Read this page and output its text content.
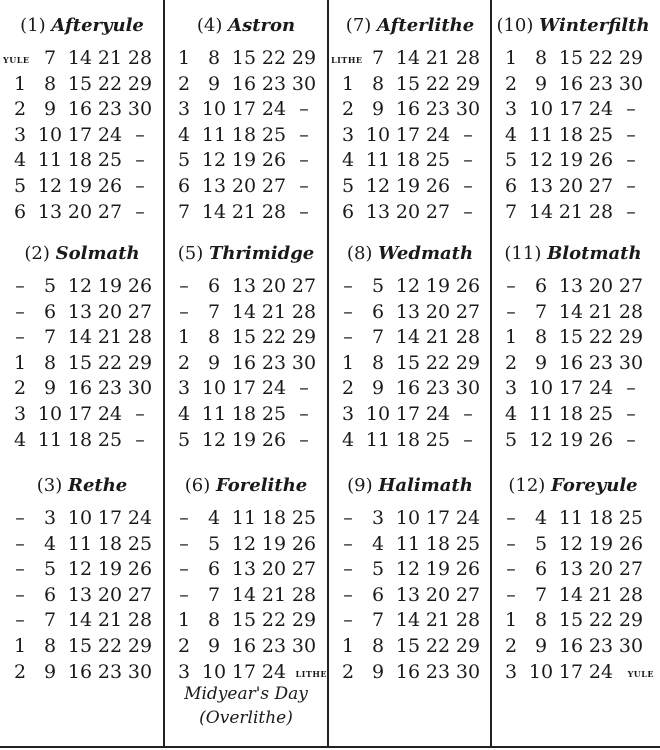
(1) Afteryule
YULE 7 14 21 28
1 8 15 22 29
2 9 16 23 30
3 10 17 24 –
4 11 18 25 –
5 12 19 26 –
6 13 20 27 –
(2) Solmath
–	5 12 19 26
–	6 13 20 27
–	7 14 21 28
1 8 15 22 29
2 9 16 23 30
3 10 17 24 –
4 11 18 25 –
(3) Rethe
–	3 10 17 24
–	4 11 18 25
–	5 12 19 26
–	6 13 20 27
–	7 14 21 28
1 8 15 22 29
2 9 16 23 30
(4) Astron
1 8 15 22 29
2 9 16 23 30
3 10 17 24 –
4 11 18 25 –
5 12 19 26 –
6 13 20 27 –
7 14 21 28 –
(5) Thrimidge
–	6 13 20 27
–	7 14 21 28
1 8 15 22 29
2 9 16 23 30
3 10 17 24 –
4 11 18 25 –
5 12 19 26 –
(6) Forelithe
–	4 11 18 25
–	5 12 19 26
–	6 13 20 27
–	7 14 21 28
1 8 15 22 29
2 9 16 23 30
3 10 17 24	LITHE
(7) Afterlithe
LITHE 7 14 21 28
1 8 15 22 29
2 9 16 23 30
3 10 17 24 –
4 11 18 25 –
5 12 19 26 –
6 13 20 27 –
(8) Wedmath
–	5 12 19 26
–	6 13 20 27
–	7 14 21 28
1 8 15 22 29
2 9 16 23 30
3 10 17 24 –
4 11 18 25 –
(9) Halimath
–	3 10 17 24
–	4 11 18 25
–	5 12 19 26
–	6 13 20 27
–	7 14 21 28
1 8 15 22 29
2 9 16 23 30
(10) Winterfilth
1 8 15 22 29
2 9 16 23 30
3 10 17 24 –
4 11 18 25 –
5 12 19 26 –
6 13 20 27 –
7 14 21 28 –
(11) Blotmath
–	6 13 20 27
–	7 14 21 28
1 8 15 22 29
2 9 16 23 30
3 10 17 24 –
4 11 18 25 –
5 12 19 26 –
(12) Foreyule
–	4 11 18 25
–	5 12 19 26
–	6 13 20 27
–	7 14 21 28
1 8 15 22 29
2 9 16 23 30
3 10 17 24	YULE
Midyear's Day
(Overlithe)
